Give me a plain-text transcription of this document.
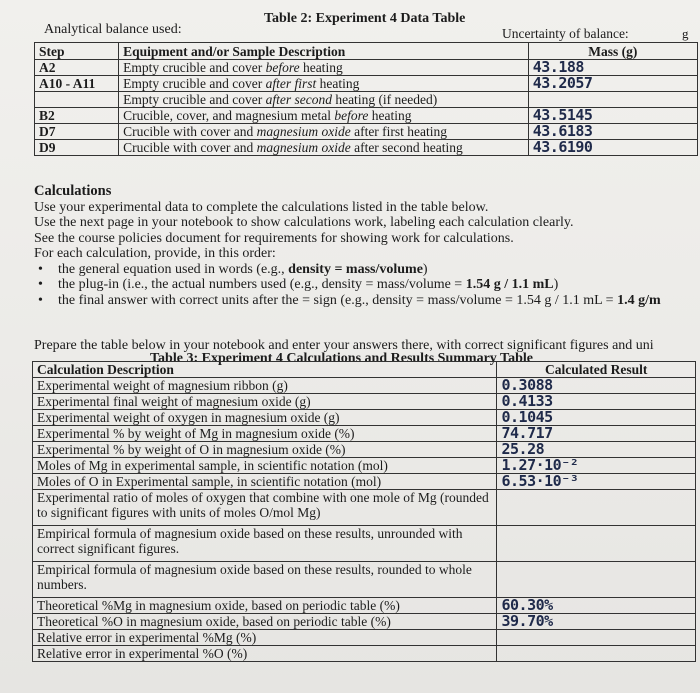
Table 2: Experiment 4 Data Table
Analytical balance used:	Uncertainty of balance:	g
Step	Equipment and/or Sample Description	Mass (g)
A2	Empty crucible and cover before heating	43.188
A10 - A11	Empty crucible and cover after first heating	43.2057
	Empty crucible and cover after second heating (if needed)	
B2	Crucible, cover, and magnesium metal before heating	43.5145
D7	Crucible with cover and magnesium oxide after first heating	43.6183
D9	Crucible with cover and magnesium oxide after second heating	43.6190
Calculations
Use your experimental data to complete the calculations listed in the table below.
Use the next page in your notebook to show calculations work, labeling each calculation clearly.
See the course policies document for requirements for showing work for calculations.
For each calculation, provide, in this order:
• the general equation used in words (e.g., density = mass/volume)
• the plug-in (i.e., the actual numbers used (e.g., density = mass/volume = 1.54 g / 1.1 mL)
• the final answer with correct units after the = sign (e.g., density = mass/volume = 1.54 g / 1.1 mL = 1.4 g/m
Prepare the table below in your notebook and enter your answers there, with correct significant figures and uni
Table 3: Experiment 4 Calculations and Results Summary Table
Calculation Description	Calculated Result
Experimental weight of magnesium ribbon (g)	0.3088
Experimental final weight of magnesium oxide (g)	0.4133
Experimental weight of oxygen in magnesium oxide (g)	0.1045
Experimental % by weight of Mg in magnesium oxide (%)	74.717
Experimental % by weight of O in magnesium oxide (%)	25.28
Moles of Mg in experimental sample, in scientific notation (mol)	1.27·10⁻²
Moles of O in Experimental sample, in scientific notation (mol)	6.53·10⁻³
Experimental ratio of moles of oxygen that combine with one mole of Mg (rounded to significant figures with units of moles O/mol Mg)	
Empirical formula of magnesium oxide based on these results, unrounded with correct significant figures.	
Empirical formula of magnesium oxide based on these results, rounded to whole numbers.	
Theoretical %Mg in magnesium oxide, based on periodic table (%)	60.30%
Theoretical %O in magnesium oxide, based on periodic table (%)	39.70%
Relative error in experimental %Mg (%)	
Relative error in experimental %O (%)	
